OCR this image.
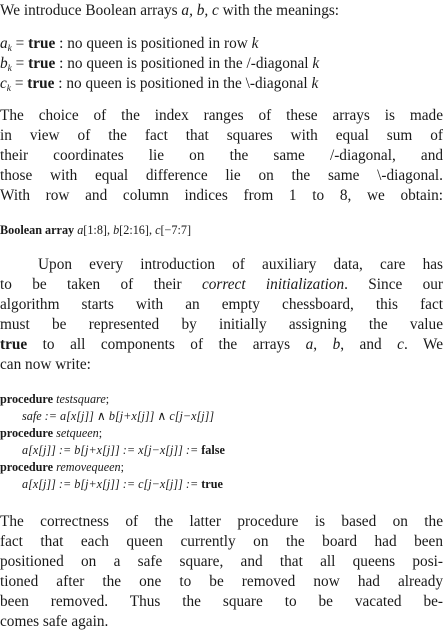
We introduce Boolean arrays a, b, c with the meanings:
$a_k$ = true : no queen is positioned in row k
$b_k$ = true : no queen is positioned in the /-diagonal k
$c_k$ = true : no queen is positioned in the \-diagonal k
The choice of the index ranges of these arrays is made
in view of the fact that squares with equal sum of
their coordinates lie on the same /-diagonal, and
those with equal difference lie on the same \-diagonal.
With row and column indices from 1 to 8, we obtain:
Boolean array a[1:8], b[2:16], c[−7:7]
Upon every introduction of auxiliary data, care has
to be taken of their correct initialization. Since our
algorithm starts with an empty chessboard, this fact
must be represented by initially assigning the value
true to all components of the arrays a, b, and c. We
can now write:
procedure testsquare;
safe := a[x[j]] ∧ b[j+x[j]] ∧ c[j−x[j]]
procedure setqueen;
a[x[j]] := b[j+x[j]] := x[j−x[j]] := false
procedure removequeen;
a[x[j]] := b[j+x[j]] := c[j−x[j]] := true
The correctness of the latter procedure is based on the
fact that each queen currently on the board had been
positioned on a safe square, and that all queens posi-
tioned after the one to be removed now had already
been removed. Thus the square to be vacated be-
comes safe again.
